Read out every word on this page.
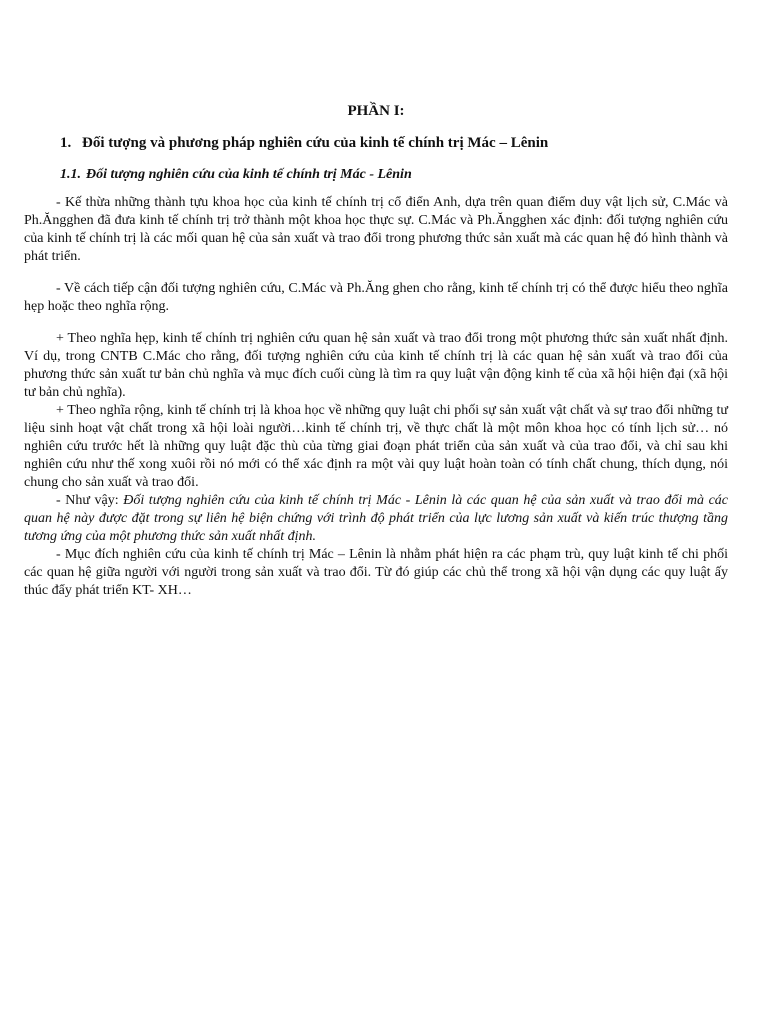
PHẦN I:
1. Đối tượng và phương pháp nghiên cứu của kinh tế chính trị Mác – Lênin
1.1. Đối tượng nghiên cứu của kinh tế chính trị Mác - Lênin

- Kế thừa những thành tựu khoa học của kinh tế chính trị cổ điển Anh, dựa trên quan điểm duy vật lịch sử, C.Mác và Ph.Ăngghen đã đưa kinh tế chính trị trở thành một khoa học thực sự. C.Mác và Ph.Ăngghen xác định: đối tượng nghiên cứu của kinh tế chính trị là các mối quan hệ của sản xuất và trao đổi trong phương thức sản xuất mà các quan hệ đó hình thành và phát triển.

- Về cách tiếp cận đối tượng nghiên cứu, C.Mác và Ph.Ăng ghen cho rằng, kinh tế chính trị có thể được hiểu theo nghĩa hẹp hoặc theo nghĩa rộng.

+ Theo nghĩa hẹp, kinh tế chính trị nghiên cứu quan hệ sản xuất và trao đổi trong một phương thức sản xuất nhất định. Ví dụ, trong CNTB C.Mác cho rằng, đối tượng nghiên cứu của kinh tế chính trị là các quan hệ sản xuất và trao đổi của phương thức sản xuất tư bản chủ nghĩa và mục đích cuối cùng là tìm ra quy luật vận động kinh tế của xã hội hiện đại (xã hội tư bản chủ nghĩa).

+ Theo nghĩa rộng, kinh tế chính trị là khoa học về những quy luật chi phối sự sản xuất vật chất và sự trao đổi những tư liệu sinh hoạt vật chất trong xã hội loài người…kinh tế chính trị, về thực chất là một môn khoa học có tính lịch sử… nó nghiên cứu trước hết là những quy luật đặc thù của từng giai đoạn phát triển của sản xuất và của trao đổi, và chỉ sau khi nghiên cứu như thế xong xuôi rồi nó mới có thể xác định ra một vài quy luật hoàn toàn có tính chất chung, thích dụng, nói chung cho sản xuất và trao đổi.

- Như vậy: Đối tượng nghiên cứu của kinh tế chính trị Mác - Lênin là các quan hệ của sản xuất và trao đổi mà các quan hệ này được đặt trong sự liên hệ biện chứng với trình độ phát triển của lực lương sản xuất và kiến trúc thượng tầng tương ứng của một phương thức sản xuất nhất định.

- Mục đích nghiên cứu của kinh tế chính trị Mác – Lênin là nhằm phát hiện ra các phạm trù, quy luật kinh tế chi phối các quan hệ giữa người với người trong sản xuất và trao đổi. Từ đó giúp các chủ thể trong xã hội vận dụng các quy luật ấy thúc đẩy phát triển KT- XH…
